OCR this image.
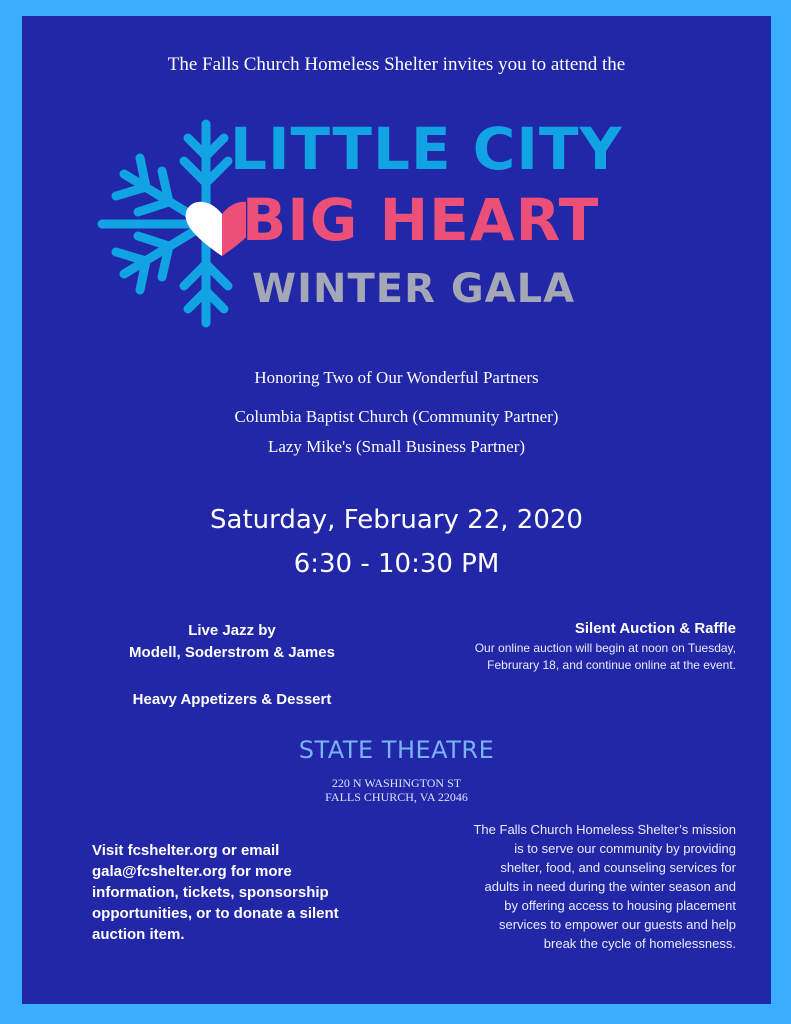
The Falls Church Homeless Shelter invites you to attend the
LITTLE CITY
BIG HEART
WINTER GALA
Honoring Two of Our Wonderful Partners
Columbia Baptist Church (Community Partner)
Lazy Mike's (Small Business Partner)
Saturday, February 22, 2020
6:30 - 10:30 PM
Live Jazz by
Modell, Soderstrom & James
Heavy Appetizers & Dessert
Silent Auction & Raffle
Our online auction will begin at noon on Tuesday, Februrary 18, and continue online at the event.
STATE THEATRE
220 N WASHINGTON ST
FALLS CHURCH, VA 22046
Visit fcshelter.org or email gala@fcshelter.org for more information, tickets, sponsorship opportunities, or to donate a silent auction item.
The Falls Church Homeless Shelter’s mission is to serve our community by providing shelter, food, and counseling services for adults in need during the winter season and by offering access to housing placement services to empower our guests and help break the cycle of homelessness.
